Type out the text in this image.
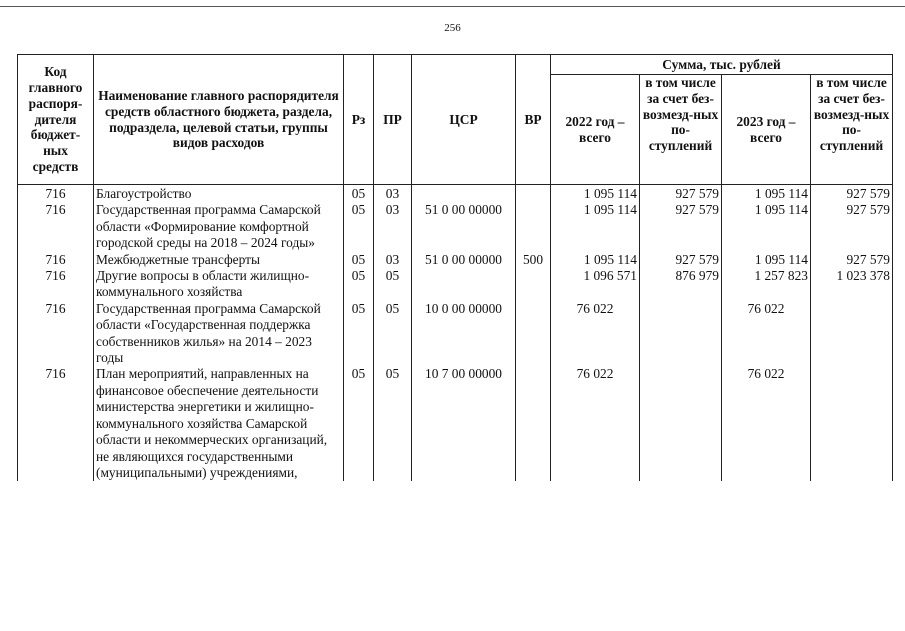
256
Код главного распоря-дителя бюджет-ных средств	Наименование главного распорядителя средств областного бюджета, раздела, подраздела, целевой статьи, группы видов расходов	Рз	ПР	ЦСР	ВР	Сумма, тыс. рублей			
						2022 год – всего	в том числе за счет без-возмезд-ных по-ступлений	2023 год – всего	в том числе за счет без-возмезд-ных по-ступлений
716	Благоустройство	05	03			1 095 114	927 579	1 095 114	927 579
716	Государственная программа Самарской области «Формирование комфортной городской среды на 2018 – 2024 годы»	05	03	51 0 00 00000		1 095 114	927 579	1 095 114	927 579
716	Межбюджетные трансферты	05	03	51 0 00 00000	500	1 095 114	927 579	1 095 114	927 579
716	Другие вопросы в области жилищно-коммунального хозяйства	05	05			1 096 571	876 979	1 257 823	1 023 378
716	Государственная программа Самарской области «Государственная поддержка собственников жилья» на 2014 – 2023 годы	05	05	10 0 00 00000		76 022		76 022	
716	План мероприятий, направленных на финансовое обеспечение деятельности министерства энергетики и жилищно-коммунального хозяйства Самарской области и некоммерческих организаций, не являющихся государственными (муниципальными) учреждениями,	05	05	10 7 00 00000		76 022		76 022	
